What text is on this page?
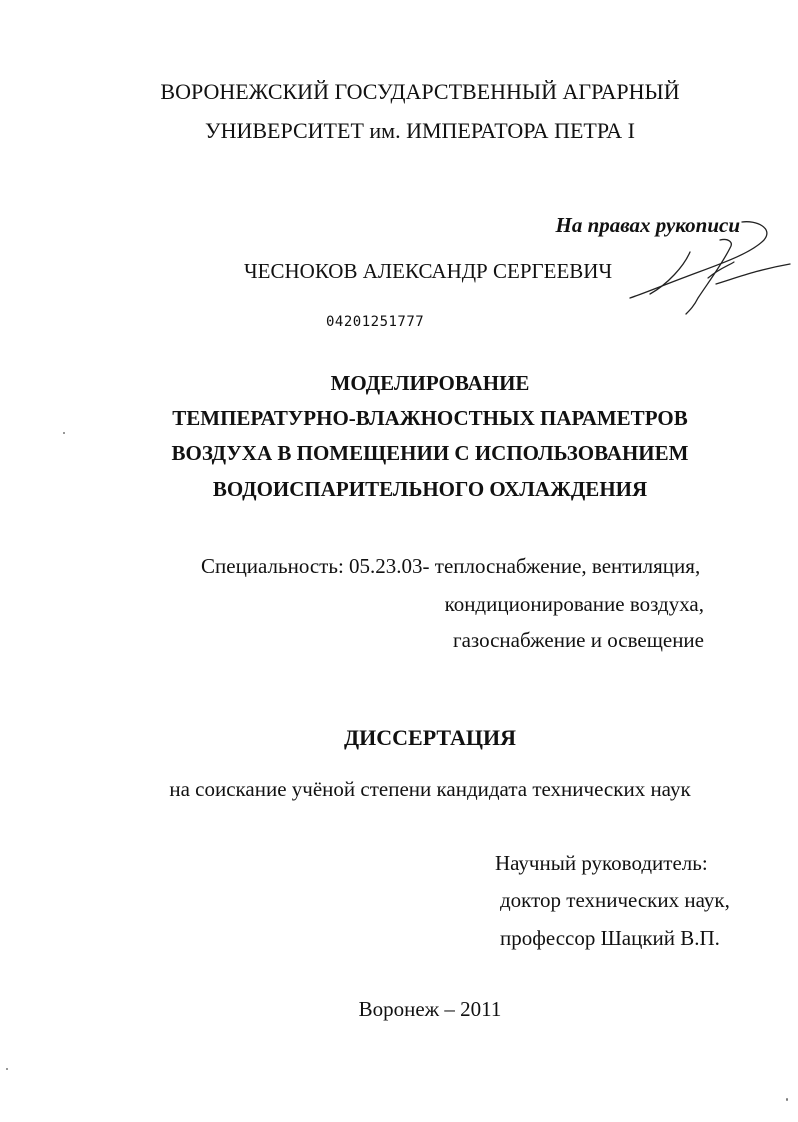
ВОРОНЕЖСКИЙ ГОСУДАРСТВЕННЫЙ АГРАРНЫЙ
УНИВЕРСИТЕТ им. ИМПЕРАТОРА ПЕТРА I
На правах рукописи
ЧЕСНОКОВ АЛЕКСАНДР СЕРГЕЕВИЧ
04201251777
МОДЕЛИРОВАНИЕ
ТЕМПЕРАТУРНО-ВЛАЖНОСТНЫХ ПАРАМЕТРОВ
ВОЗДУХА В ПОМЕЩЕНИИ С ИСПОЛЬЗОВАНИЕМ
ВОДОИСПАРИТЕЛЬНОГО ОХЛАЖДЕНИЯ
Специальность: 05.23.03- теплоснабжение, вентиляция,
кондиционирование воздуха,
газоснабжение и освещение
ДИССЕРТАЦИЯ
на соискание учёной степени кандидата технических наук
Научный руководитель:
доктор технических наук,
профессор Шацкий В.П.
Воронеж – 2011
